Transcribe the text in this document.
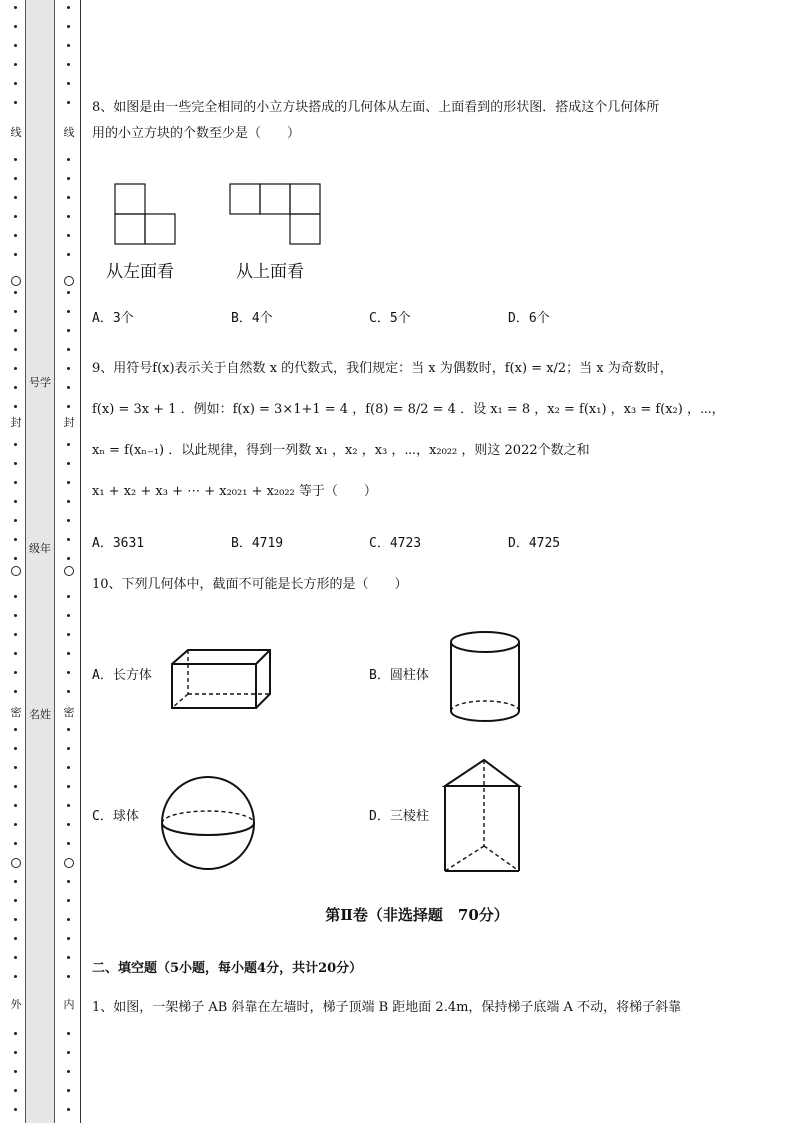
线
封
密
外
号学
级年
名姓
线
封
密
内
8、如图是由一些完全相同的小立方块搭成的几何体从左面、上面看到的形状图．搭成这个几何体所
用的小立方块的个数至少是（　　）
从左面看	从上面看
A．3个	B．4个	C．5个	D．6个
9、用符号f(x)表示关于自然数 x 的代数式，我们规定：当 x 为偶数时，f(x) = x/2；当 x 为奇数时，
f(x) = 3x + 1 ．例如：f(x) = 3×1+1 = 4 ，f(8) = 8/2 = 4 ．设 x₁ = 8 ，x₂ = f(x₁) ，x₃ = f(x₂) ，⋯，
xₙ = f(xₙ₋₁) ．以此规律，得到一列数 x₁ ，x₂ ，x₃ ，⋯，x₂₀₂₂ ，则这 2022个数之和
x₁ + x₂ + x₃ + ⋯ + x₂₀₂₁ + x₂₀₂₂ 等于（　　）
A．3631	B．4719	C．4723	D．4725
10、下列几何体中，截面不可能是长方形的是（　　）
A．长方体	B．圆柱体
C．球体	D．三棱柱
第Ⅱ卷（非选择题　70分）
二、填空题（5小题，每小题4分，共计20分）
1、如图，一架梯子 AB 斜靠在左墙时，梯子顶端 B 距地面 2.4m，保持梯子底端 A 不动，将梯子斜靠
